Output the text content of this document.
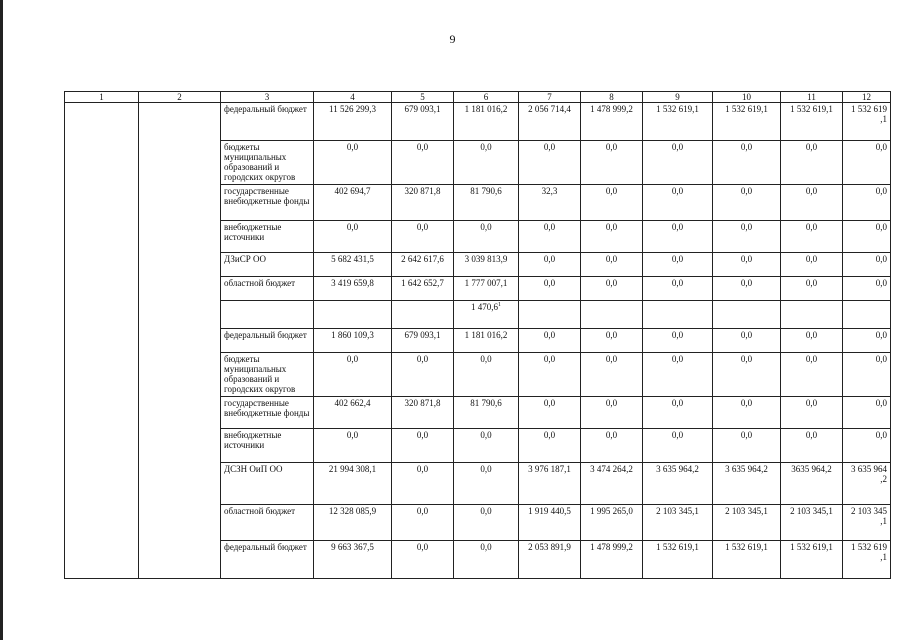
9
1	2	3	4	5	6	7	8	9	10	11	12
		федеральный бюджет	11 526 299,3	679 093,1	1 181 016,2	2 056 714,4	1 478 999,2	1 532 619,1	1 532 619,1	1 532 619,1	1 532 619 ,1
		бюджеты муниципальных образований и городских округов	0,0	0,0	0,0	0,0	0,0	0,0	0,0	0,0	0,0
		государственные внебюджетные фонды	402 694,7	320 871,8	81 790,6	32,3	0,0	0,0	0,0	0,0	0,0
		внебюджетные источники	0,0	0,0	0,0	0,0	0,0	0,0	0,0	0,0	0,0
		ДЗиСР ОО	5 682 431,5	2 642 617,6	3 039 813,9	0,0	0,0	0,0	0,0	0,0	0,0
		областной бюджет	3 419 659,8	1 642 652,7	1 777 007,1	0,0	0,0	0,0	0,0	0,0	0,0
					1 470,6$^1$						
		федеральный бюджет	1 860 109,3	679 093,1	1 181 016,2	0,0	0,0	0,0	0,0	0,0	0,0
		бюджеты муниципальных образований и городских округов	0,0	0,0	0,0	0,0	0,0	0,0	0,0	0,0	0,0
		государственные внебюджетные фонды	402 662,4	320 871,8	81 790,6	0,0	0,0	0,0	0,0	0,0	0,0
		внебюджетные источники	0,0	0,0	0,0	0,0	0,0	0,0	0,0	0,0	0,0
		ДСЗН ОиП ОО	21 994 308,1	0,0	0,0	3 976 187,1	3 474 264,2	3 635 964,2	3 635 964,2	3635 964,2	3 635 964 ,2
		областной бюджет	12 328 085,9	0,0	0,0	1 919 440,5	1 995 265,0	2 103 345,1	2 103 345,1	2 103 345,1	2 103 345 ,1
		федеральный бюджет	9 663 367,5	0,0	0,0	2 053 891,9	1 478 999,2	1 532 619,1	1 532 619,1	1 532 619,1	1 532 619 ,1
